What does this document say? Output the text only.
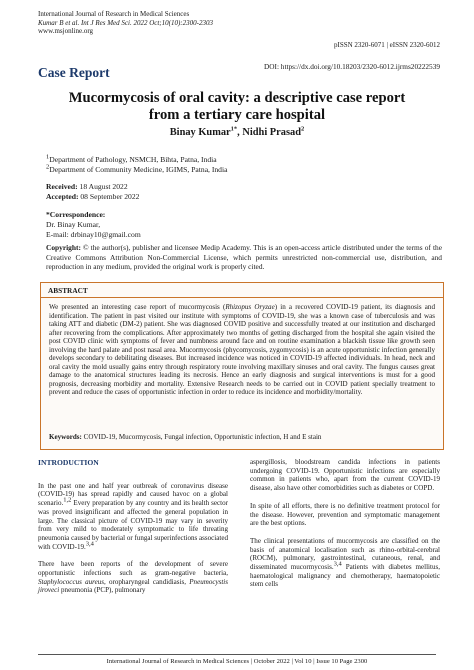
International Journal of Research in Medical Sciences
Kumar B et al. Int J Res Med Sci. 2022 Oct;10(10):2300-2303
www.msjonline.org
pISSN 2320-6071 | eISSN 2320-6012
Case Report	DOI: https://dx.doi.org/10.18203/2320-6012.ijrms20222539
Mucormycosis of oral cavity: a descriptive case report
from a tertiary care hospital
Binay Kumar$^{1*}$, Nidhi Prasad$^2$
1Department of Pathology, NSMCH, Bihta, Patna, India
2Department of Community Medicine, IGIMS, Patna, India
Received: 18 August 2022
Accepted: 08 September 2022
*Correspondence:
Dr. Binay Kumar,
E-mail: drbinay10@gmail.com
Copyright: © the author(s), publisher and licensee Medip Academy. This is an open-access article distributed under the terms of the Creative Commons Attribution Non-Commercial License, which permits unrestricted non-commercial use, distribution, and reproduction in any medium, provided the original work is properly cited.
ABSTRACT
We presented an interesting case report of mucormycosis (Rhizopus Oryzae) in a recovered COVID-19 patient, its diagnosis and identification. The patient in past visited our institute with symptoms of COVID-19, she was a known case of tuberculosis and was taking ATT and diabetic (DM-2) patient. She was diagnosed COVID positive and successfully treated at our institution and discharged after recovering from the complications. After approximately two months of getting discharged from the hospital she again visited the post COVID clinic with symptoms of fever and numbness around face and on routine examination a blackish tissue like growth seen involving the hard palate and post nasal area. Mucormycosis (phycomycosis, zygomycosis) is an acute opportunistic infection generally develops secondary to debilitating diseases. But increased incidence was noticed in COVID-19 affected individuals. In head, neck and oral cavity the mold usually gains entry through respiratory route involving maxillary sinuses and oral cavity. The fungus causes great damage to the anatomical structures leading its necrosis. Hence an early diagnosis and surgical interventions is must for a good prognosis, decreasing morbidity and mortality. Extensive Research needs to be carried out in COVID patient specially treatment to prevent and reduce the cases of opportunistic infection in order to reduce its incidence and morbidity/mortality.
Keywords: COVID-19, Mucormycosis, Fungal infection, Opportunistic infection, H and E stain
INTRODUCTION

In the past one and half year outbreak of coronavirus disease (COVID-19) has spread rapidly and caused havoc on a global scenario.1,2 Every preparation by any country and its health sector was proved insignificant and affected the general population in large. The classical picture of COVID-19 may vary in severity from very mild to moderately symptomatic to life threating pneumonia caused by bacterial or fungal superinfections associated with COVID-19.3,4

There have been reports of the development of severe opportunistic infections such as gram-negative bacteria, Staphylococcus aureus, oropharyngeal candidiasis, Pneumocystis jiroveci pneumonia (PCP), pulmonary

aspergillosis, bloodstream candida infections in patients undergoing COVID-19. Opportunistic infections are especially common in patients who, apart from the current COVID-19 disease, also have other comorbidities such as diabetes or COPD.

In spite of all efforts, there is no definitive treatment protocol for the disease. However, prevention and symptomatic management are the best options.

The clinical presentations of mucormycosis are classified on the basis of anatomical localisation such as rhino-orbital-cerebral (ROCM), pulmonary, gastrointestinal, cutaneous, renal, and disseminated mucormycosis.3,4 Patients with diabetes mellitus, haematological malignancy and chemotherapy, haematopoietic stem cells

International Journal of Research in Medical Sciences | October 2022 | Vol 10 | Issue 10 Page 2300
